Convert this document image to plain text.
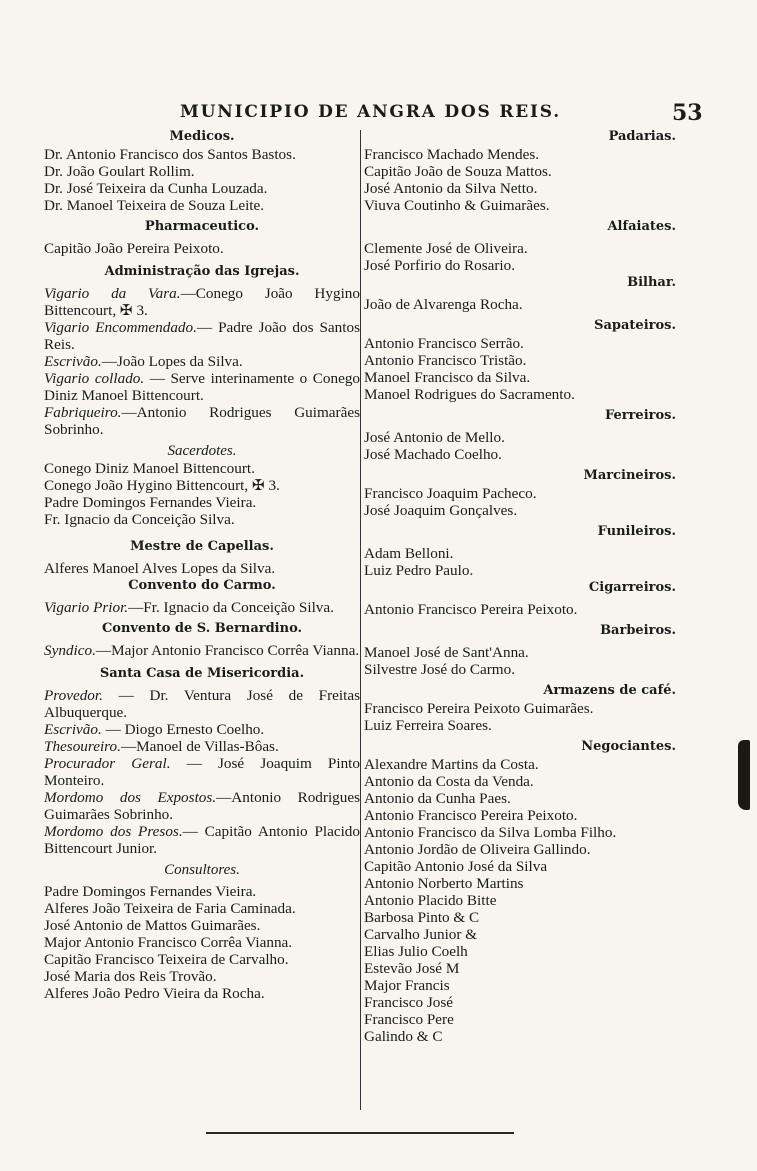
MUNICIPIO DE ANGRA DOS REIS.	53

Medicos.

Dr. Antonio Francisco dos Santos Bastos.

Dr. João Goulart Rollim.

Dr. José Teixeira da Cunha Louzada.

Dr. Manoel Teixeira de Souza Leite.

Pharmaceutico.

Capitão João Pereira Peixoto.

Administração das Igrejas.

Vigario da Vara.—Conego João Hygino Bittencourt, ✠ 3.

Vigario Encommendado.— Padre João dos Santos Reis.

Escrivão.—João Lopes da Silva.

Vigario collado. — Serve interinamente o Conego Diniz Manoel Bittencourt.

Fabriqueiro.—Antonio Rodrigues Guimarães Sobrinho.

Sacerdotes.

Conego Diniz Manoel Bittencourt.

Conego João Hygino Bittencourt, ✠ 3.

Padre Domingos Fernandes Vieira.

Fr. Ignacio da Conceição Silva.

Mestre de Capellas.

Alferes Manoel Alves Lopes da Silva.

Convento do Carmo.

Vigario Prior.—Fr. Ignacio da Conceição Silva.

Convento de S. Bernardino.

Syndico.—Major Antonio Francisco Corrêa Vianna.

Santa Casa de Misericordia.

Provedor. — Dr. Ventura José de Freitas Albuquerque.

Escrivão. — Diogo Ernesto Coelho.

Thesoureiro.—Manoel de Villas-Bôas.

Procurador Geral. — José Joaquim Pinto Monteiro.

Mordomo dos Expostos.—Antonio Rodrigues Guimarães Sobrinho.

Mordomo dos Presos.— Capitão Antonio Placido Bittencourt Junior.

Consultores.

Padre Domingos Fernandes Vieira.

Alferes João Teixeira de Faria Caminada.

José Antonio de Mattos Guimarães.

Major Antonio Francisco Corrêa Vianna.

Capitão Francisco Teixeira de Carvalho.

José Maria dos Reis Trovão.

Alferes João Pedro Vieira da Rocha.

Padarias.

Francisco Machado Mendes.

Capitão João de Souza Mattos.

José Antonio da Silva Netto.

Viuva Coutinho & Guimarães.

Alfaiates.

Clemente José de Oliveira.

José Porfirio do Rosario.

Bilhar.

João de Alvarenga Rocha.

Sapateiros.

Antonio Francisco Serrão.

Antonio Francisco Tristão.

Manoel Francisco da Silva.

Manoel Rodrigues do Sacramento.

Ferreiros.

José Antonio de Mello.

José Machado Coelho.

Marcineiros.

Francisco Joaquim Pacheco.

José Joaquim Gonçalves.

Funileiros.

Adam Belloni.

Luiz Pedro Paulo.

Cigarreiros.

Antonio Francisco Pereira Peixoto.

Barbeiros.

Manoel José de Sant'Anna.

Silvestre José do Carmo.

Armazens de café.

Francisco Pereira Peixoto Guimarães.

Luiz Ferreira Soares.

Negociantes.

Alexandre Martins da Costa.

Antonio da Costa da Venda.

Antonio da Cunha Paes.

Antonio Francisco Pereira Peixoto.

Antonio Francisco da Silva Lomba Filho.

Antonio Jordão de Oliveira Gallindo.

Capitão Antonio José da Silva

Antonio Norberto Martins

Antonio Placido Bitte

Barbosa Pinto & C

Carvalho Junior &

Elias Julio Coelh

Estevão José M

Major Francis

Francisco José

Francisco Pere

Galindo & C
